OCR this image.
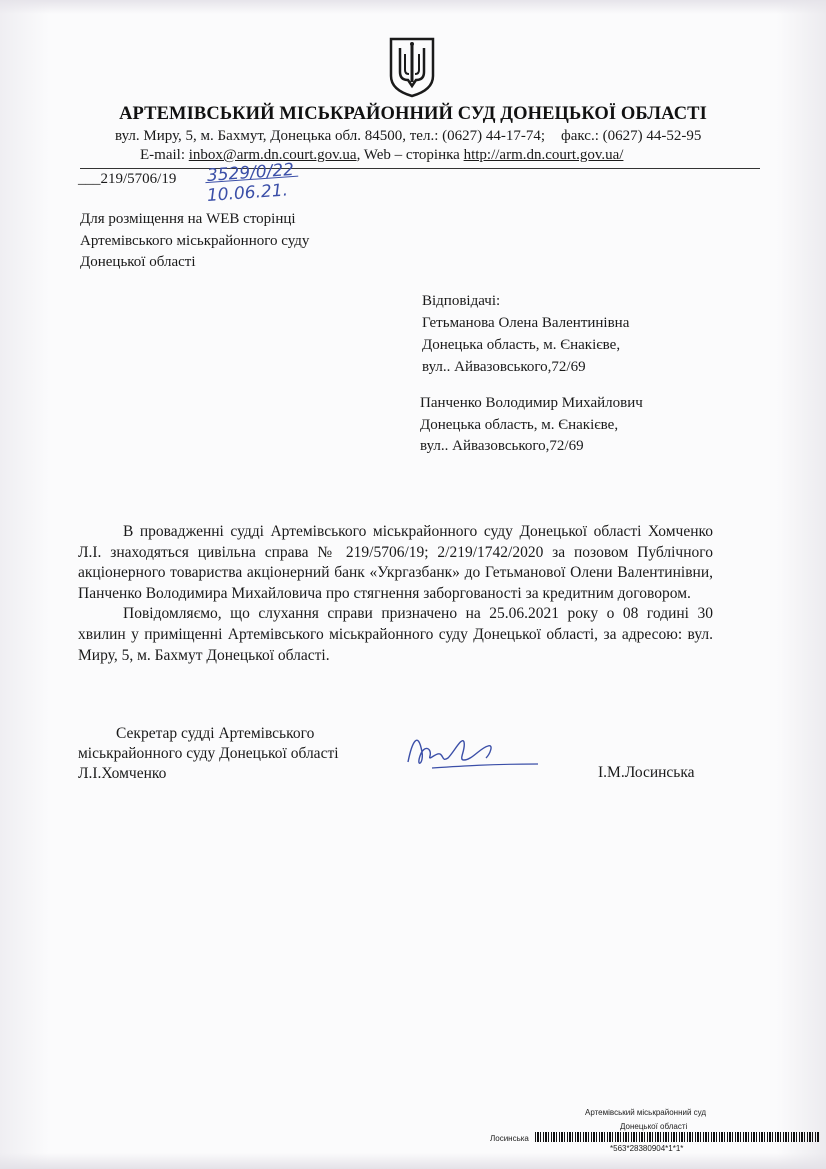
АРТЕМІВСЬКИЙ МІСЬКРАЙОННИЙ СУД ДОНЕЦЬКОЇ ОБЛАСТІ
вул. Миру, 5, м. Бахмут, Донецька обл. 84500, тел.: (0627) 44-17-74; факс.: (0627) 44-52-95
E-mail: inbox@arm.dn.court.gov.ua, Web – сторінка http://arm.dn.court.gov.ua/
___219/5706/19 3529/0/22
10.06.21.
Для розміщення на WEB сторінці
Артемівського міськрайонного суду
Донецької області
Відповідачі:
Гетьманова Олена Валентинівна
Донецька область, м. Єнакієве,
вул.. Айвазовського,72/69
Панченко Володимир Михайлович
Донецька область, м. Єнакієве,
вул.. Айвазовського,72/69

В провадженні судді Артемівського міськрайонного суду Донецької області Хомченко Л.І. знаходяться цивільна справа № 219/5706/19; 2/219/1742/2020 за позовом Публічного акціонерного товариства акціонерний банк «Укргазбанк» до Гетьманової Олени Валентинівни, Панченко Володимира Михайловича про стягнення заборгованості за кредитним договором.

Повідомляємо, що слухання справи призначено на 25.06.2021 року о 08 годині 30 хвилин у приміщенні Артемівського міськрайонного суду Донецької області, за адресою: вул. Миру, 5, м. Бахмут Донецької області.

Секретар судді Артемівського
міськрайонного суду Донецької області
Л.І.Хомченко	І.М.Лосинська
Артемівський міськрайонний суд
Донецької області
Лосинська
*563*28380904*1*1*
